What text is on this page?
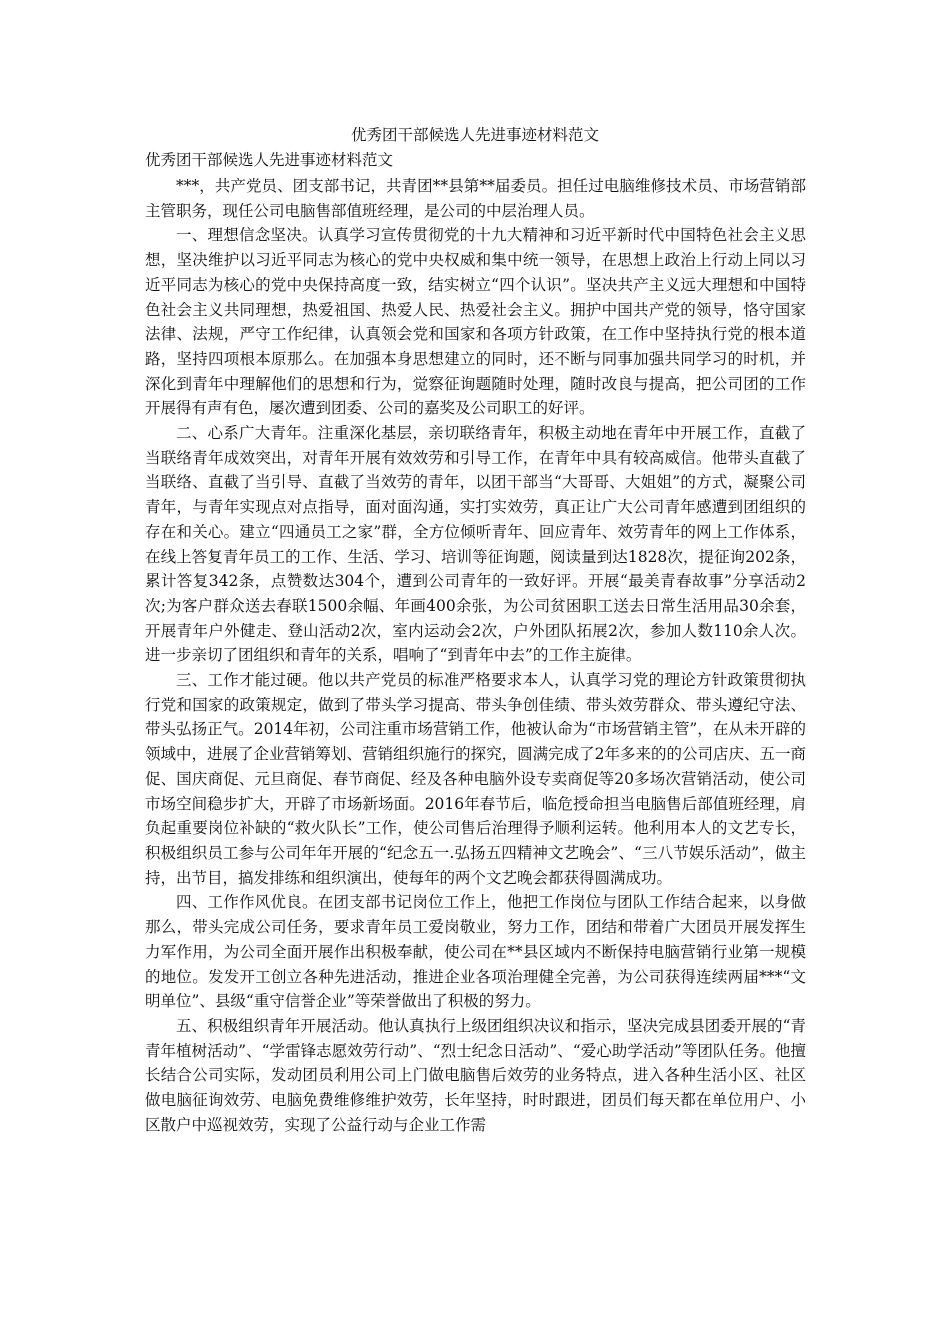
优秀团干部候选人先进事迹材料范文
优秀团干部候选人先进事迹材料范文

***，共产党员、团支部书记，共青团**县第**届委员。担任过电脑维修技术员、市场营销部主管职务，现任公司电脑售部值班经理，是公司的中层治理人员。

一、理想信念坚决。认真学习宣传贯彻党的十九大精神和习近平新时代中国特色社会主义思想，坚决维护以习近平同志为核心的党中央权威和集中统一领导，在思想上政治上行动上同以习近平同志为核心的党中央保持高度一致，结实树立“四个认识”。坚决共产主义远大理想和中国特色社会主义共同理想，热爱祖国、热爱人民、热爱社会主义。拥护中国共产党的领导，恪守国家法律、法规，严守工作纪律，认真领会党和国家和各项方针政策，在工作中坚持执行党的根本道路，坚持四项根本原那么。在加强本身思想建立的同时，还不断与同事加强共同学习的时机，并深化到青年中理解他们的思想和行为，觉察征询题随时处理，随时改良与提高，把公司团的工作开展得有声有色，屡次遭到团委、公司的嘉奖及公司职工的好评。

二、心系广大青年。注重深化基层，亲切联络青年，积极主动地在青年中开展工作，直截了当联络青年成效突出，对青年开展有效效劳和引导工作，在青年中具有较高威信。他带头直截了当联络、直截了当引导、直截了当效劳的青年，以团干部当“大哥哥、大姐姐”的方式，凝聚公司青年，与青年实现点对点指导，面对面沟通，实打实效劳，真正让广大公司青年感遭到团组织的存在和关心。建立“四通员工之家”群，全方位倾听青年、回应青年、效劳青年的网上工作体系，在线上答复青年员工的工作、生活、学习、培训等征询题，阅读量到达1828次，提征询202条，累计答复342条，点赞数达304个，遭到公司青年的一致好评。开展“最美青春故事”分享活动2次;为客户群众送去春联1500余幅、年画400余张，为公司贫困职工送去日常生活用品30余套，开展青年户外健走、登山活动2次，室内运动会2次，户外团队拓展2次，参加人数110余人次。进一步亲切了团组织和青年的关系，唱响了“到青年中去”的工作主旋律。

三、工作才能过硬。他以共产党员的标准严格要求本人，认真学习党的理论方针政策贯彻执行党和国家的政策规定，做到了带头学习提高、带头争创佳绩、带头效劳群众、带头遵纪守法、带头弘扬正气。2014年初，公司注重市场营销工作，他被认命为“市场营销主管”，在从未开辟的领域中，进展了企业营销筹划、营销组织施行的探究，圆满完成了2年多来的的公司店庆、五一商促、国庆商促、元旦商促、春节商促、经及各种电脑外设专卖商促等20多场次营销活动，使公司市场空间稳步扩大，开辟了市场新场面。2016年春节后，临危授命担当电脑售后部值班经理，肩负起重要岗位补缺的“救火队长”工作，使公司售后治理得予顺利运转。他利用本人的文艺专长，积极组织员工参与公司年年开展的“纪念五一.弘扬五四精神文艺晚会”、“三八节娱乐活动”，做主持，出节目，搞发排练和组织演出，使每年的两个文艺晚会都获得圆满成功。

四、工作作风优良。在团支部书记岗位工作上，他把工作岗位与团队工作结合起来，以身做那么，带头完成公司任务，要求青年员工爱岗敬业，努力工作，团结和带着广大团员开展发挥生力军作用，为公司全面开展作出积极奉献，使公司在**县区域内不断保持电脑营销行业第一规模的地位。发发开工创立各种先进活动，推进企业各项治理健全完善，为公司获得连续两届***“文明单位”、县级“重守信誉企业”等荣誉做出了积极的努力。

五、积极组织青年开展活动。他认真执行上级团组织决议和指示，坚决完成县团委开展的“青青年植树活动”、“学雷锋志愿效劳行动”、“烈士纪念日活动”、“爱心助学活动”等团队任务。他擅长结合公司实际，发动团员利用公司上门做电脑售后效劳的业务特点，进入各种生活小区、社区做电脑征询效劳、电脑免费维修维护效劳，长年坚持，时时跟进，团员们每天都在单位用户、小区散户中巡视效劳，实现了公益行动与企业工作需
